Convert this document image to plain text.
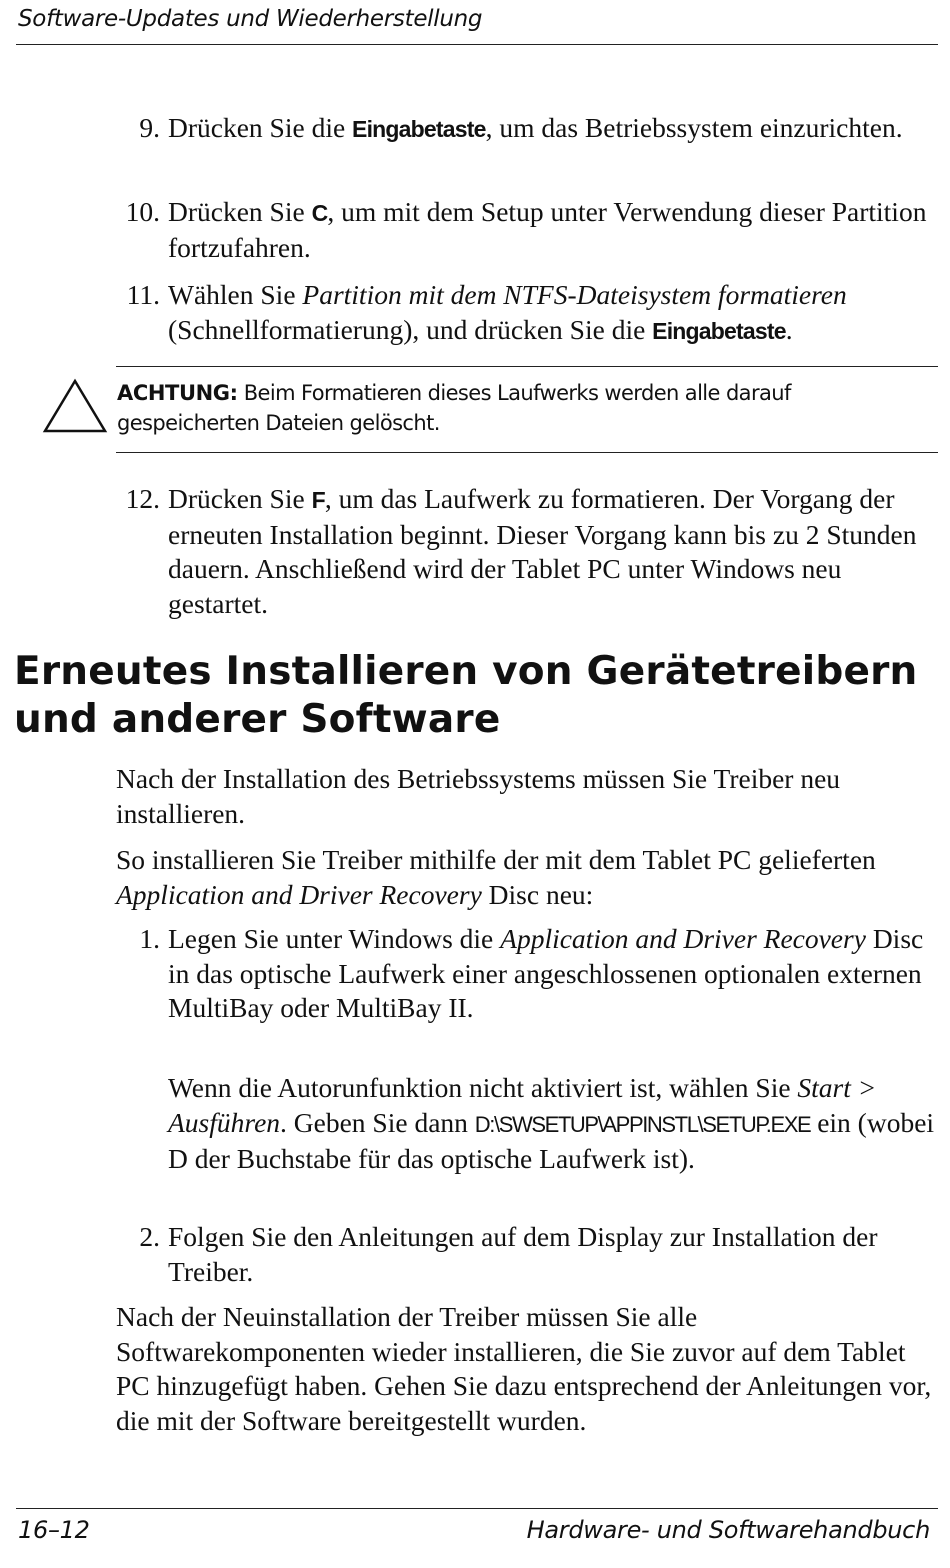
Software-Updates und Wiederherstellung
9. Drücken Sie die Eingabetaste, um das Betriebssystem einzurichten.
10. Drücken Sie C, um mit dem Setup unter Verwendung dieser Partition fortzufahren.
11. Wählen Sie Partition mit dem NTFS-Dateisystem formatieren (Schnellformatierung), und drücken Sie die Eingabetaste.
ACHTUNG: Beim Formatieren dieses Laufwerks werden alle darauf gespeicherten Dateien gelöscht.
12. Drücken Sie F, um das Laufwerk zu formatieren. Der Vorgang der erneuten Installation beginnt. Dieser Vorgang kann bis zu 2 Stunden dauern. Anschließend wird der Tablet PC unter Windows neu gestartet.
Erneutes Installieren von Gerätetreibern
und anderer Software

Nach der Installation des Betriebssystems müssen Sie Treiber neu installieren.

So installieren Sie Treiber mithilfe der mit dem Tablet PC gelieferten Application and Driver Recovery Disc neu:

1. Legen Sie unter Windows die Application and Driver Recovery Disc in das optische Laufwerk einer angeschlossenen optionalen externen MultiBay oder MultiBay II.

Wenn die Autorunfunktion nicht aktiviert ist, wählen Sie Start > Ausführen. Geben Sie dann D:\SWSETUP\APPINSTL\SETUP.EXE ein (wobei D der Buchstabe für das optische Laufwerk ist).

2. Folgen Sie den Anleitungen auf dem Display zur Installation der Treiber.

Nach der Neuinstallation der Treiber müssen Sie alle Softwarekomponenten wieder installieren, die Sie zuvor auf dem Tablet PC hinzugefügt haben. Gehen Sie dazu entsprechend der Anleitungen vor, die mit der Software bereitgestellt wurden.

16–12	Hardware- und Softwarehandbuch
